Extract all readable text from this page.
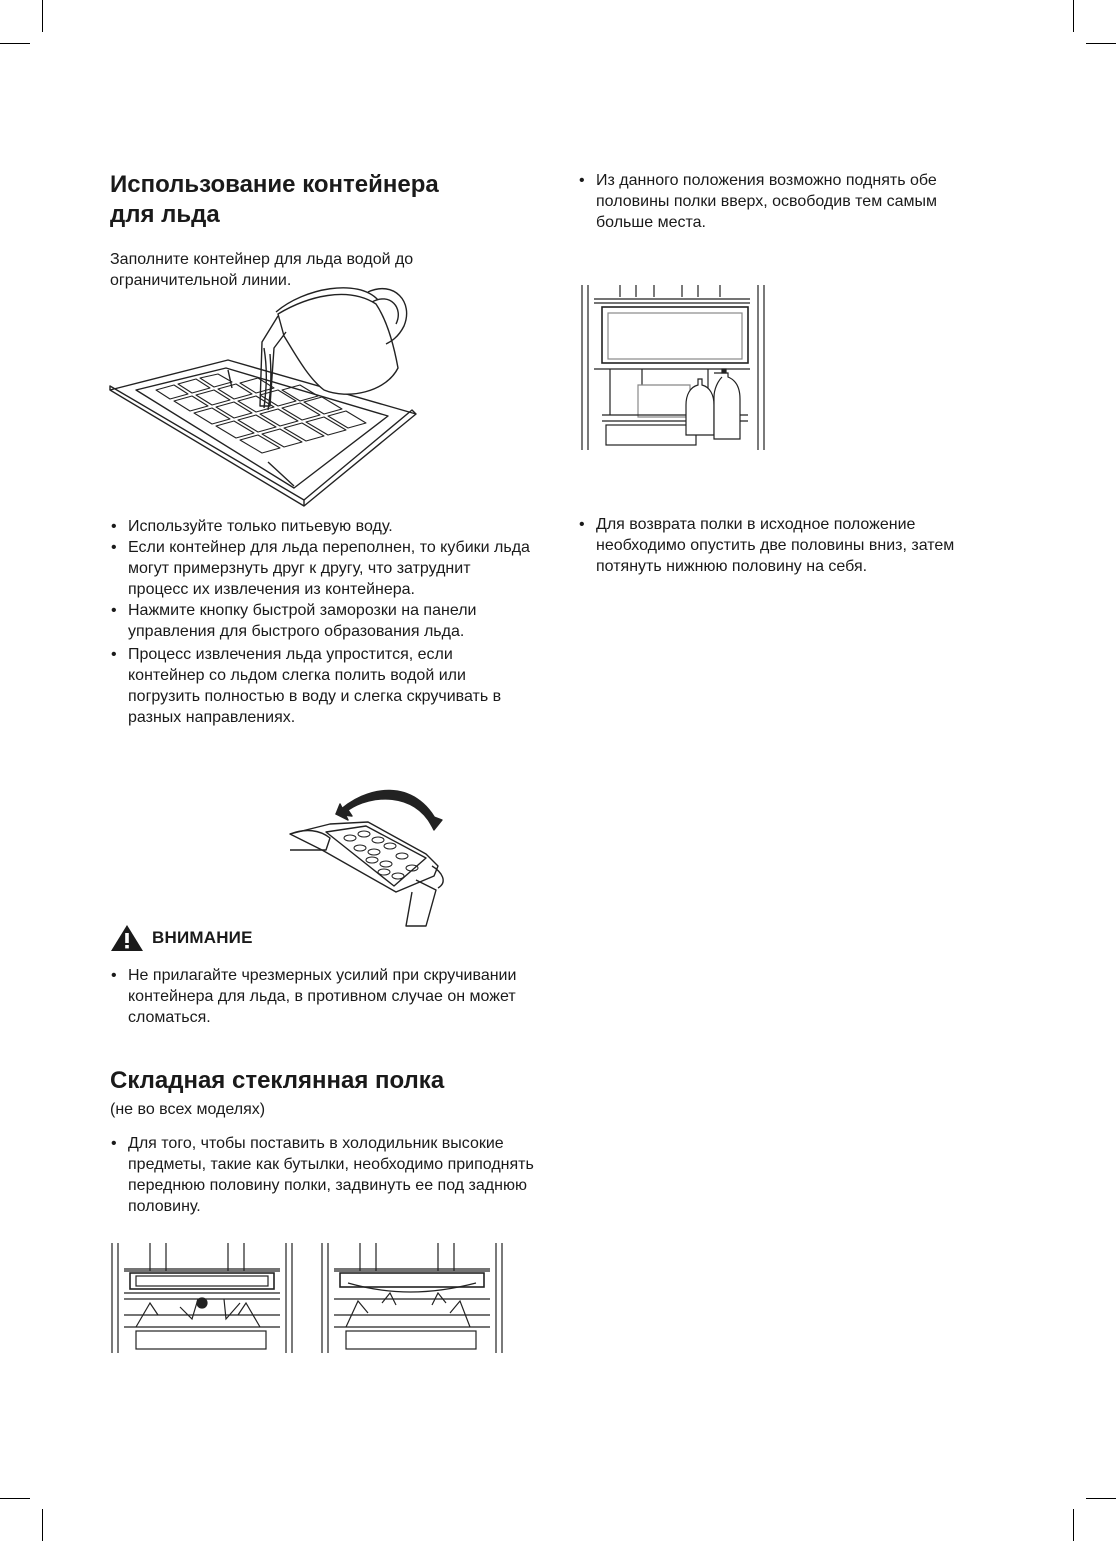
Использование контейнера
для льда

Заполните контейнер для льда водой до
ограничительной линии.

• Используйте только питьевую воду.
• Если контейнер для льда переполнен, то кубики льда могут примерзнуть друг к другу, что затруднит процесс их извлечения из контейнера.
• Нажмите кнопку быстрой заморозки на панели управления для быстрого образования льда.
• Процесс извлечения льда упростится, если контейнер со льдом слегка полить водой или погрузить полностью в воду и слегка скручивать в разных направлениях.
ВНИМАНИЕ
• Не прилагайте чрезмерных усилий при скручивании контейнера для льда, в противном случае он может сломаться.
Складная стеклянная полка

(не во всех моделях)

• Для того, чтобы поставить в холодильник высокие предметы, такие как бутылки, необходимо приподнять переднюю половину полки, задвинуть ее под заднюю половину.
• Из данного положения возможно поднять обе половины полки вверх, освободив тем самым больше места.
• Для возврата полки в исходное положение необходимо опустить две половины вниз, затем потянуть нижнюю половину на себя.
